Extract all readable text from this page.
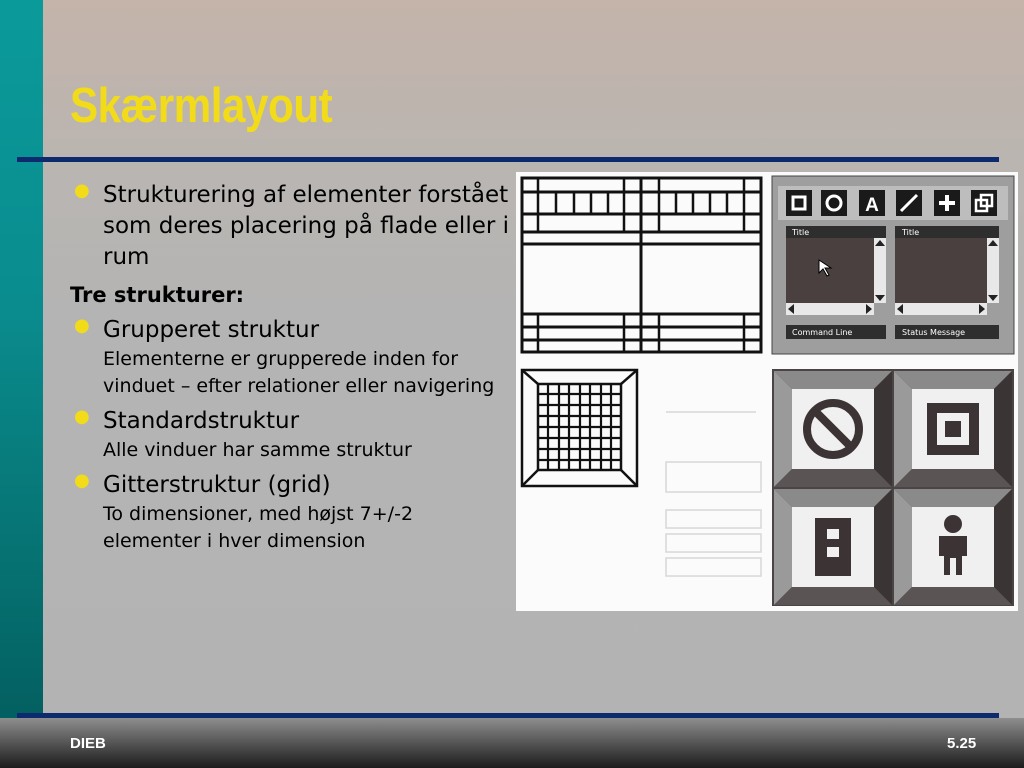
Skærmlayout
● Strukturering af elementer forstået som deres placering på flade eller i rum
Tre strukturer:
● Grupperet struktur
Elementerne er grupperede inden for vinduet – efter relationer eller navigering
● Standardstruktur
Alle vinduer har samme struktur
● Gitterstruktur (grid)
To dimensioner, med højst 7+/-2 elementer i hver dimension
A
Title	Title
Command Line	Status Message
DIEB	5.25
